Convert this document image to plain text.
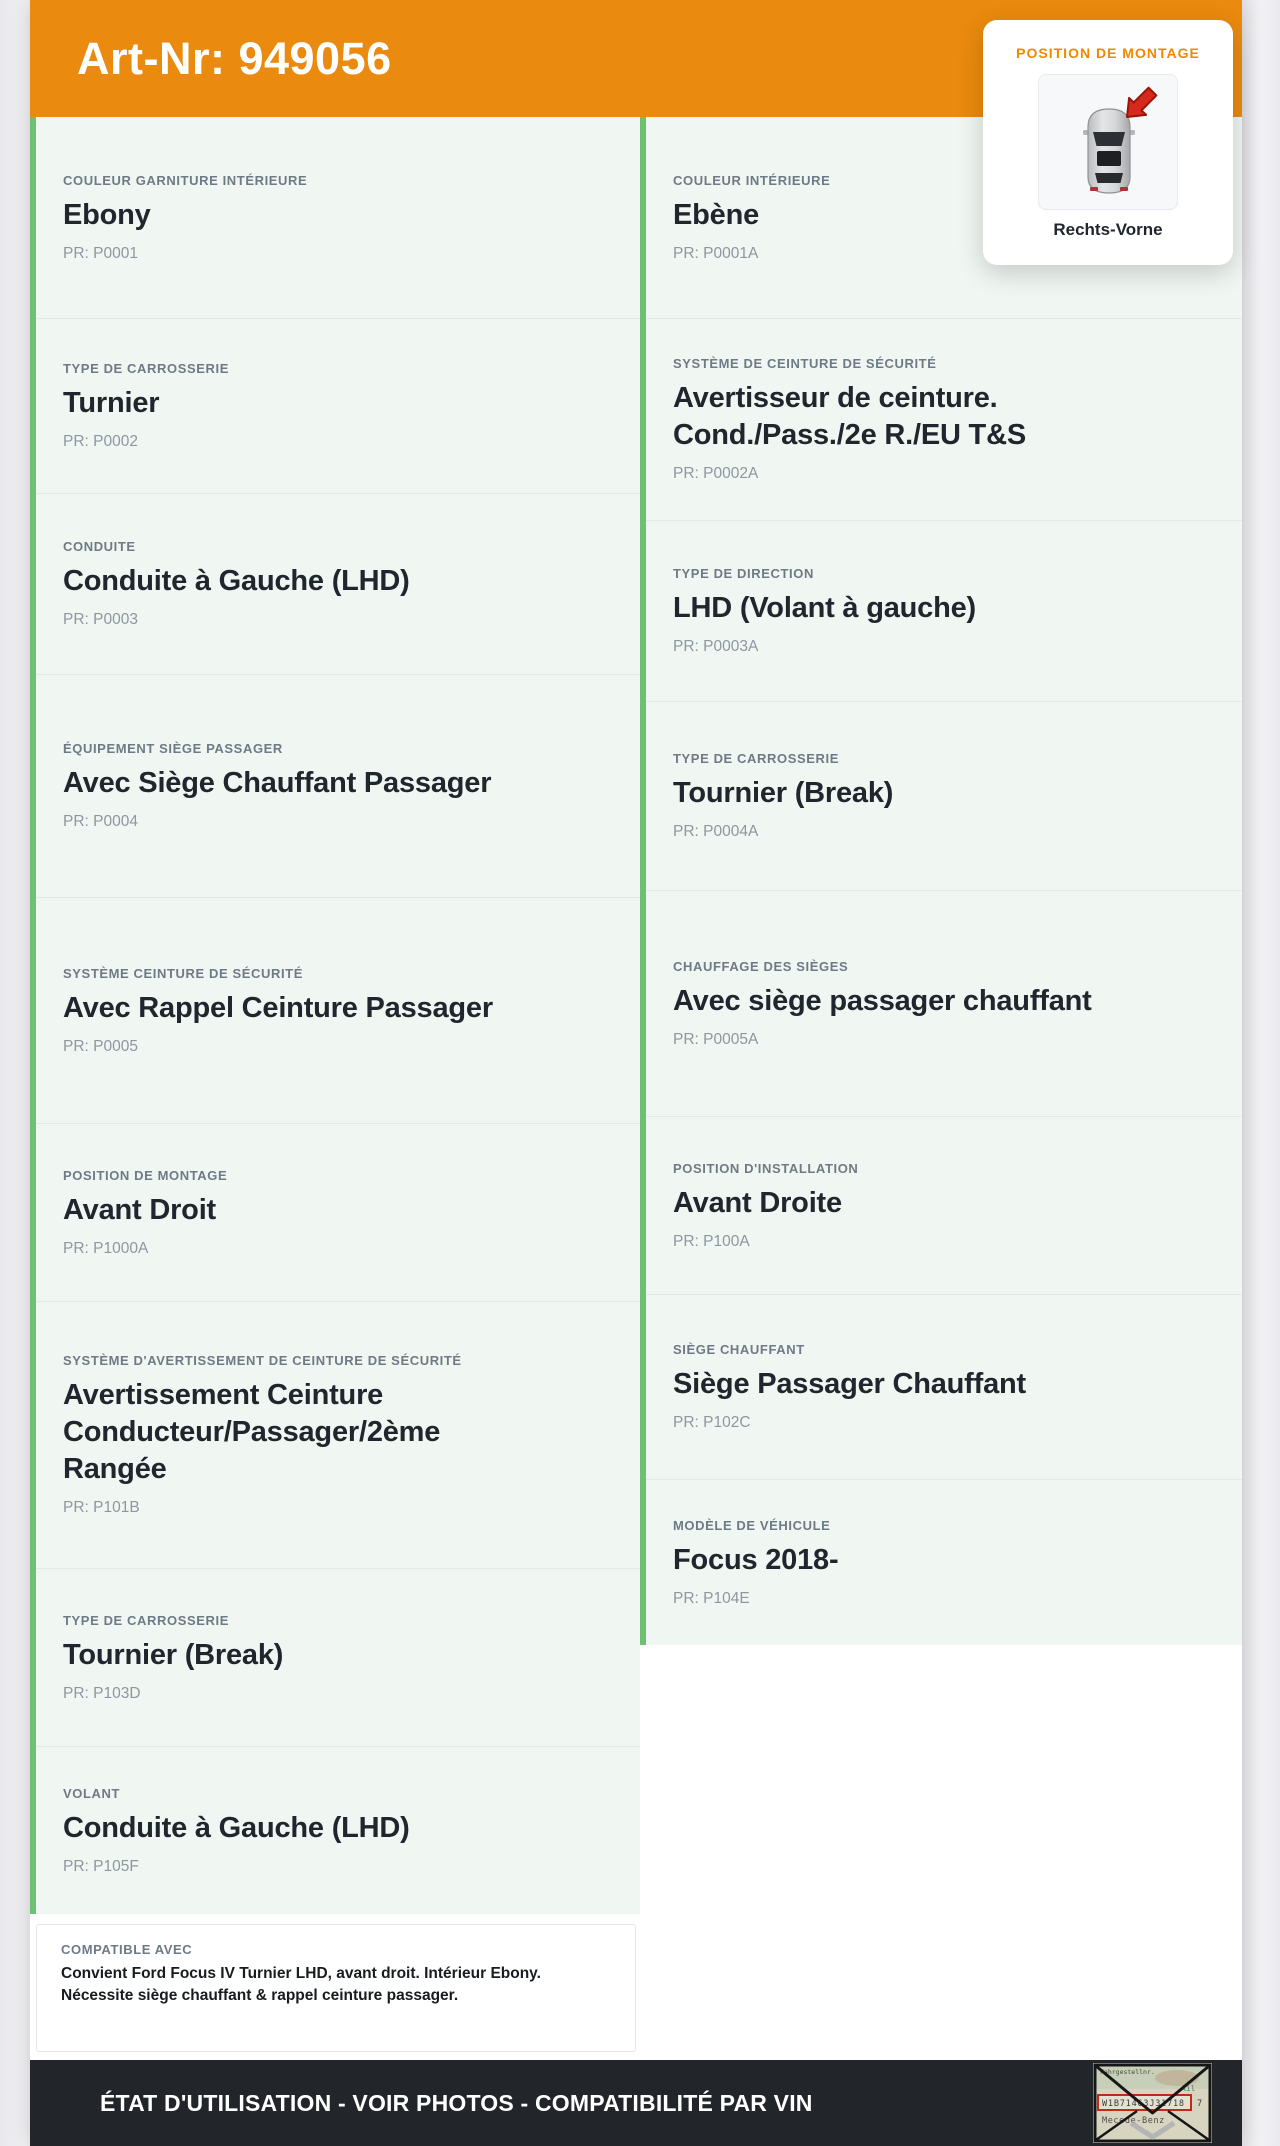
Art-Nr: 949056	POSITION DE MONTAGE
Rechts-Vorne
COULEUR GARNITURE INTÉRIEURE
Ebony
PR: P0001
TYPE DE CARROSSERIE
Turnier
PR: P0002
CONDUITE
Conduite à Gauche (LHD)
PR: P0003
ÉQUIPEMENT SIÈGE PASSAGER
Avec Siège Chauffant Passager
PR: P0004
SYSTÈME CEINTURE DE SÉCURITÉ
Avec Rappel Ceinture Passager
PR: P0005
POSITION DE MONTAGE
Avant Droit
PR: P1000A
SYSTÈME D'AVERTISSEMENT DE CEINTURE DE SÉCURITÉ
Avertissement Ceinture Conducteur/Passager/2ème Rangée
PR: P101B
TYPE DE CARROSSERIE
Tournier (Break)
PR: P103D
VOLANT
Conduite à Gauche (LHD)
PR: P105F
COULEUR INTÉRIEURE
Ebène
PR: P0001A
SYSTÈME DE CEINTURE DE SÉCURITÉ
Avertisseur de ceinture. Cond./Pass./2e R./EU T&S
PR: P0002A
TYPE DE DIRECTION
LHD (Volant à gauche)
PR: P0003A
TYPE DE CARROSSERIE
Tournier (Break)
PR: P0004A
CHAUFFAGE DES SIÈGES
Avec siège passager chauffant
PR: P0005A
POSITION D'INSTALLATION
Avant Droite
PR: P100A
SIÈGE CHAUFFANT
Siège Passager Chauffant
PR: P102C
MODÈLE DE VÉHICULE
Focus 2018-
PR: P104E
COMPATIBLE AVEC
Convient Ford Focus IV Turnier LHD, avant droit. Intérieur Ebony. Nécessite siège chauffant & rappel ceinture passager.
ÉTAT D'UTILISATION - VOIR PHOTOS - COMPATIBILITÉ PAR VIN
Fahrgestellnr.
Ail
W1B71463J31718 7
Mecede-Benz
